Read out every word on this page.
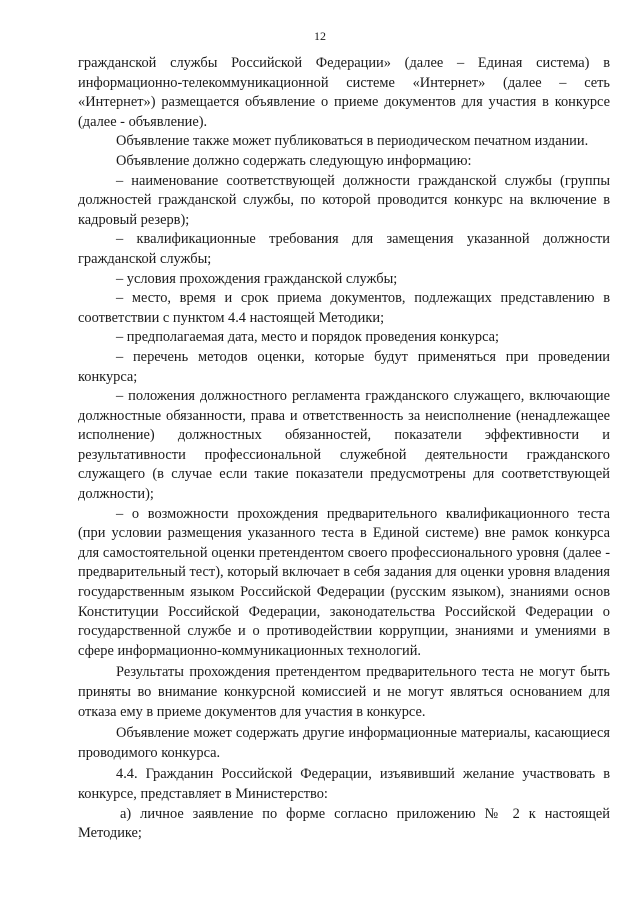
12

гражданской службы Российской Федерации» (далее – Единая система) в информационно-телекоммуникационной системе «Интернет» (далее – сеть «Интернет») размещается объявление о приеме документов для участия в конкурсе (далее - объявление).

Объявление также может публиковаться в периодическом печатном издании.

Объявление должно содержать следующую информацию:

– наименование соответствующей должности гражданской службы (группы должностей гражданской службы, по которой проводится конкурс на включение в кадровый резерв);

– квалификационные требования для замещения указанной должности гражданской службы;

– условия прохождения гражданской службы;

– место, время и срок приема документов, подлежащих представлению в соответствии с пунктом 4.4 настоящей Методики;

– предполагаемая дата, место и порядок проведения конкурса;

– перечень методов оценки, которые будут применяться при проведении конкурса;

– положения должностного регламента гражданского служащего, включающие должностные обязанности, права и ответственность за неисполнение (ненадлежащее исполнение) должностных обязанностей, показатели эффективности и результативности профессиональной служебной деятельности гражданского служащего (в случае если такие показатели предусмотрены для соответствующей должности);

– о возможности прохождения предварительного квалификационного теста (при условии размещения указанного теста в Единой системе) вне рамок конкурса для самостоятельной оценки претендентом своего профессионального уровня (далее - предварительный тест), который включает в себя задания для оценки уровня владения государственным языком Российской Федерации (русским языком), знаниями основ Конституции Российской Федерации, законодательства Российской Федерации о государственной службе и о противодействии коррупции, знаниями и умениями в сфере информационно-коммуникационных технологий.

Результаты прохождения претендентом предварительного теста не могут быть приняты во внимание конкурсной комиссией и не могут являться основанием для отказа ему в приеме документов для участия в конкурсе.

Объявление может содержать другие информационные материалы, касающиеся проводимого конкурса.

4.4. Гражданин Российской Федерации, изъявивший желание участвовать в конкурсе, представляет в Министерство:

а) личное заявление по форме согласно приложению № 2 к настоящей Методике;
